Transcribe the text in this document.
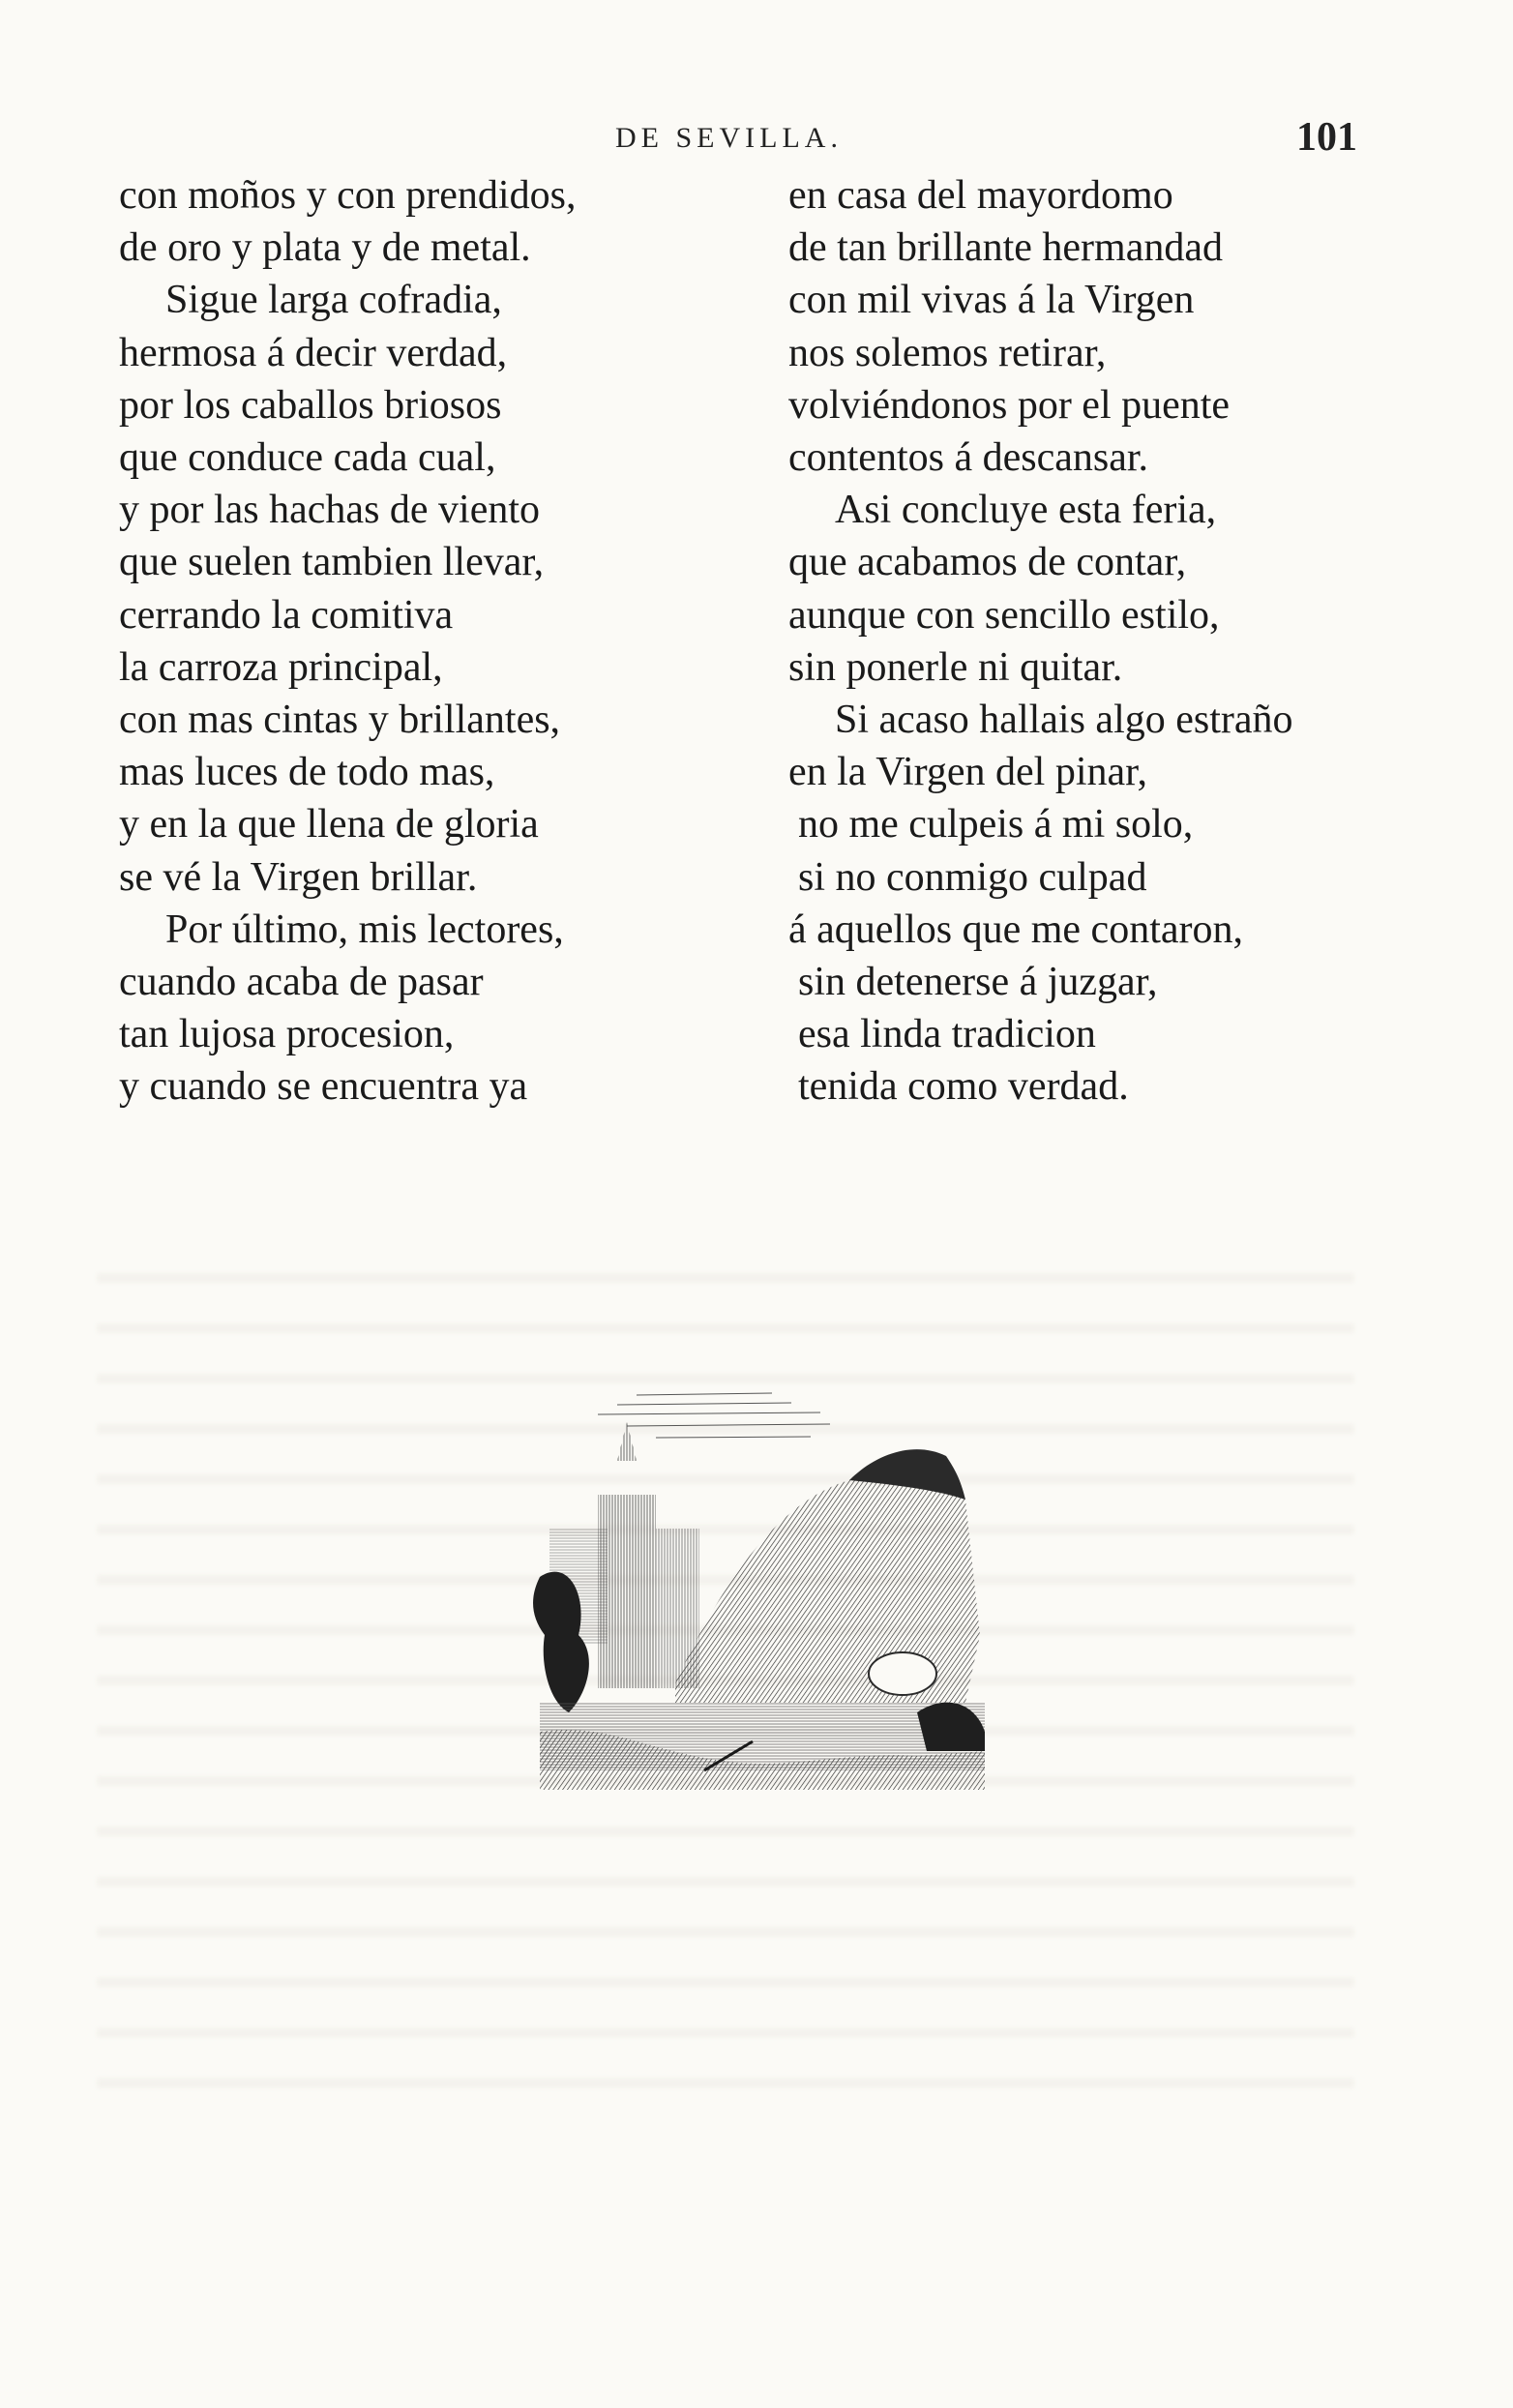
DE SEVILLA.	101
con moños y con prendidos,
de oro y plata y de metal.
Sigue larga cofradia,
hermosa á decir verdad,
por los caballos briosos
que conduce cada cual,
y por las hachas de viento
que suelen tambien llevar,
cerrando la comitiva
la carroza principal,
con mas cintas y brillantes,
mas luces de todo mas,
y en la que llena de gloria
se vé la Virgen brillar.
Por último, mis lectores,
cuando acaba de pasar
tan lujosa procesion,
y cuando se encuentra ya
en casa del mayordomo
de tan brillante hermandad
con mil vivas á la Virgen
nos solemos retirar,
volviéndonos por el puente
contentos á descansar.
Asi concluye esta feria,
que acabamos de contar,
aunque con sencillo estilo,
sin ponerle ni quitar.
Si acaso hallais algo estraño
en la Virgen del pinar,
no me culpeis á mi solo,
si no conmigo culpad
á aquellos que me contaron,
sin detenerse á juzgar,
esa linda tradicion
tenida como verdad.
